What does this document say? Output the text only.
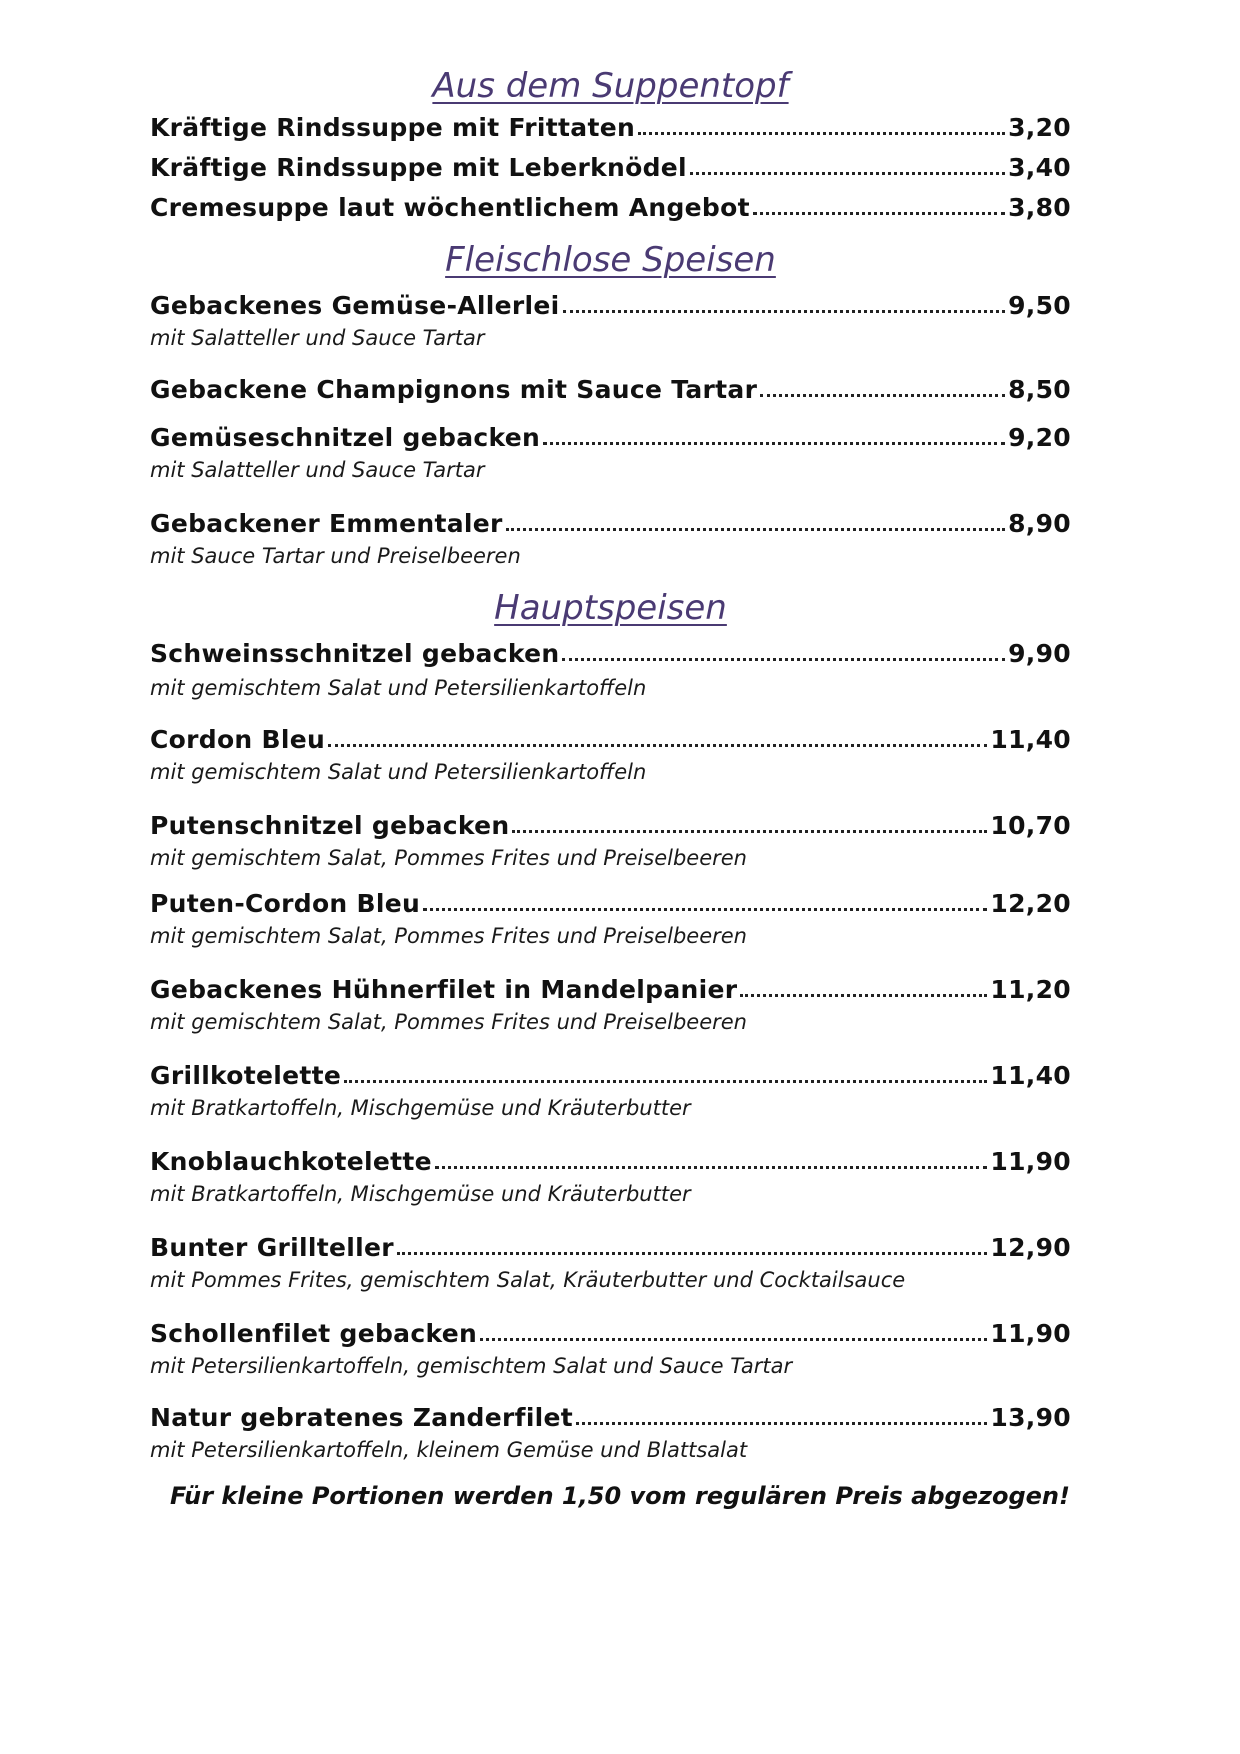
Aus dem Suppentopf
Kräftige Rindssuppe mit Frittaten	3,20
Kräftige Rindssuppe mit Leberknödel	3,40
Cremesuppe laut wöchentlichem Angebot	3,80
Fleischlose Speisen
Gebackenes Gemüse-Allerlei	9,50
mit Salatteller und Sauce Tartar
Gebackene Champignons mit Sauce Tartar	8,50
Gemüseschnitzel gebacken	9,20
mit Salatteller und Sauce Tartar
Gebackener Emmentaler	8,90
mit Sauce Tartar und Preiselbeeren
Hauptspeisen
Schweinsschnitzel gebacken	9,90
mit gemischtem Salat und Petersilienkartoffeln
Cordon Bleu	11,40
mit gemischtem Salat und Petersilienkartoffeln
Putenschnitzel gebacken	10,70
mit gemischtem Salat, Pommes Frites und Preiselbeeren
Puten-Cordon Bleu	12,20
mit gemischtem Salat, Pommes Frites und Preiselbeeren
Gebackenes Hühnerfilet in Mandelpanier	11,20
mit gemischtem Salat, Pommes Frites und Preiselbeeren
Grillkotelette	11,40
mit Bratkartoffeln, Mischgemüse und Kräuterbutter
Knoblauchkotelette	11,90
mit Bratkartoffeln, Mischgemüse und Kräuterbutter
Bunter Grillteller	12,90
mit Pommes Frites, gemischtem Salat, Kräuterbutter und Cocktailsauce
Schollenfilet gebacken	11,90
mit Petersilienkartoffeln, gemischtem Salat und Sauce Tartar
Natur gebratenes Zanderfilet	13,90
mit Petersilienkartoffeln, kleinem Gemüse und Blattsalat
Für kleine Portionen werden 1,50 vom regulären Preis abgezogen!
